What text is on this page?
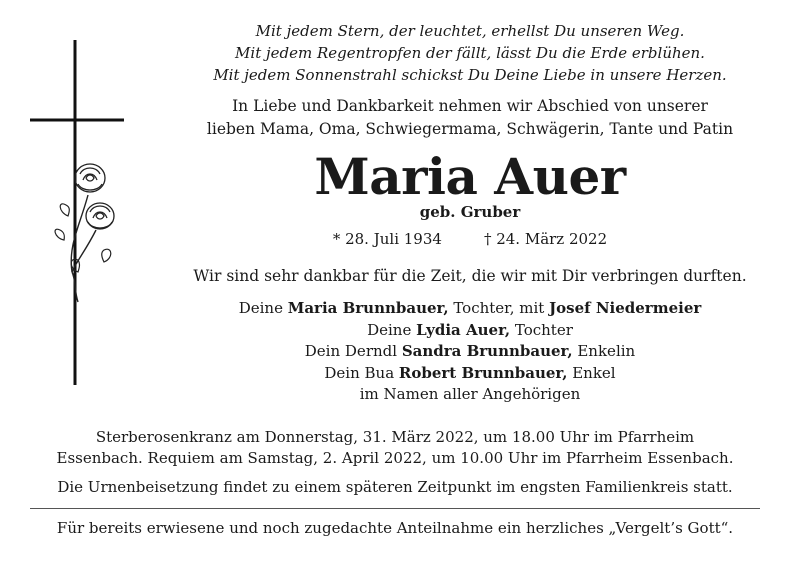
Mit jedem Stern, der leuchtet, erhellst Du unseren Weg.
Mit jedem Regentropfen der fällt, lässt Du die Erde erblühen.
Mit jedem Sonnenstrahl schickst Du Deine Liebe in unsere Herzen.
In Liebe und Dankbarkeit nehmen wir Abschied von unserer
lieben Mama, Oma, Schwiegermama, Schwägerin, Tante und Patin
Maria Auer
geb. Gruber
* 28. Juli 1934	† 24. März 2022
Wir sind sehr dankbar für die Zeit, die wir mit Dir verbringen durften.
Deine Maria Brunnbauer, Tochter, mit Josef Niedermeier
Deine Lydia Auer, Tochter
Dein Derndl Sandra Brunnbauer, Enkelin
Dein Bua Robert Brunnbauer, Enkel
im Namen aller Angehörigen
Sterberosenkranz am Donnerstag, 31. März 2022, um 18.00 Uhr im Pfarrheim
Essenbach. Requiem am Samstag, 2. April 2022, um 10.00 Uhr im Pfarrheim Essenbach.
Die Urnenbeisetzung findet zu einem späteren Zeitpunkt im engsten Familienkreis statt.
Für bereits erwiesene und noch zugedachte Anteilnahme ein herzliches „Vergelt’s Gott“.
